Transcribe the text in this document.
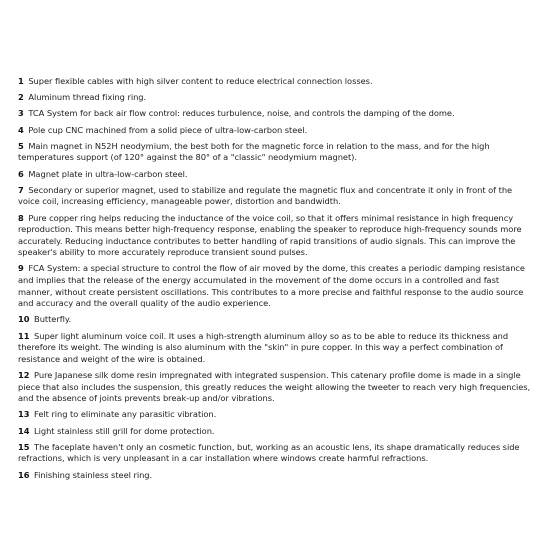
1 Super flexible cables with high silver content to reduce electrical connection losses.

2 Aluminum thread fixing ring.

3 TCA System for back air flow control: reduces turbulence, noise, and controls the damping of the dome.

4 Pole cup CNC machined from a solid piece of ultra-low-carbon steel.

5 Main magnet in N52H neodymium, the best both for the magnetic force in relation to the mass, and for the high temperatures support (of 120° against the 80° of a "classic" neodymium magnet).

6 Magnet plate in ultra-low-carbon steel.

7 Secondary or superior magnet, used to stabilize and regulate the magnetic flux and concentrate it only in front of the voice coil, increasing efficiency, manageable power, distortion and bandwidth.

8 Pure copper ring helps reducing the inductance of the voice coil, so that it offers minimal resistance in high frequency reproduction. This means better high-frequency response, enabling the speaker to reproduce high-frequency sounds more accurately. Reducing inductance contributes to better handling of rapid transitions of audio signals. This can improve the speaker's ability to more accurately reproduce transient sound pulses.

9 FCA System: a special structure to control the flow of air moved by the dome, this creates a periodic damping resistance and implies that the release of the energy accumulated in the movement of the dome occurs in a controlled and fast manner, without create persistent oscillations. This contributes to a more precise and faithful response to the audio source and accuracy and the overall quality of the audio experience.

10 Butterfly.

11 Super light aluminum voice coil. It uses a high-strength aluminum alloy so as to be able to reduce its thickness and therefore its weight. The winding is also aluminum with the "skin" in pure copper. In this way a perfect combination of resistance and weight of the wire is obtained.

12 Pure Japanese silk dome resin impregnated with integrated suspension. This catenary profile dome is made in a single piece that also includes the suspension, this greatly reduces the weight allowing the tweeter to reach very high frequencies, and the absence of joints prevents break-up and/or vibrations.

13 Felt ring to eliminate any parasitic vibration.

14 Light stainless still grill for dome protection.

15 The faceplate haven't only an cosmetic function, but, working as an acoustic lens, its shape dramatically reduces side refractions, which is very unpleasant in a car installation where windows create harmful refractions.

16 Finishing stainless steel ring.
